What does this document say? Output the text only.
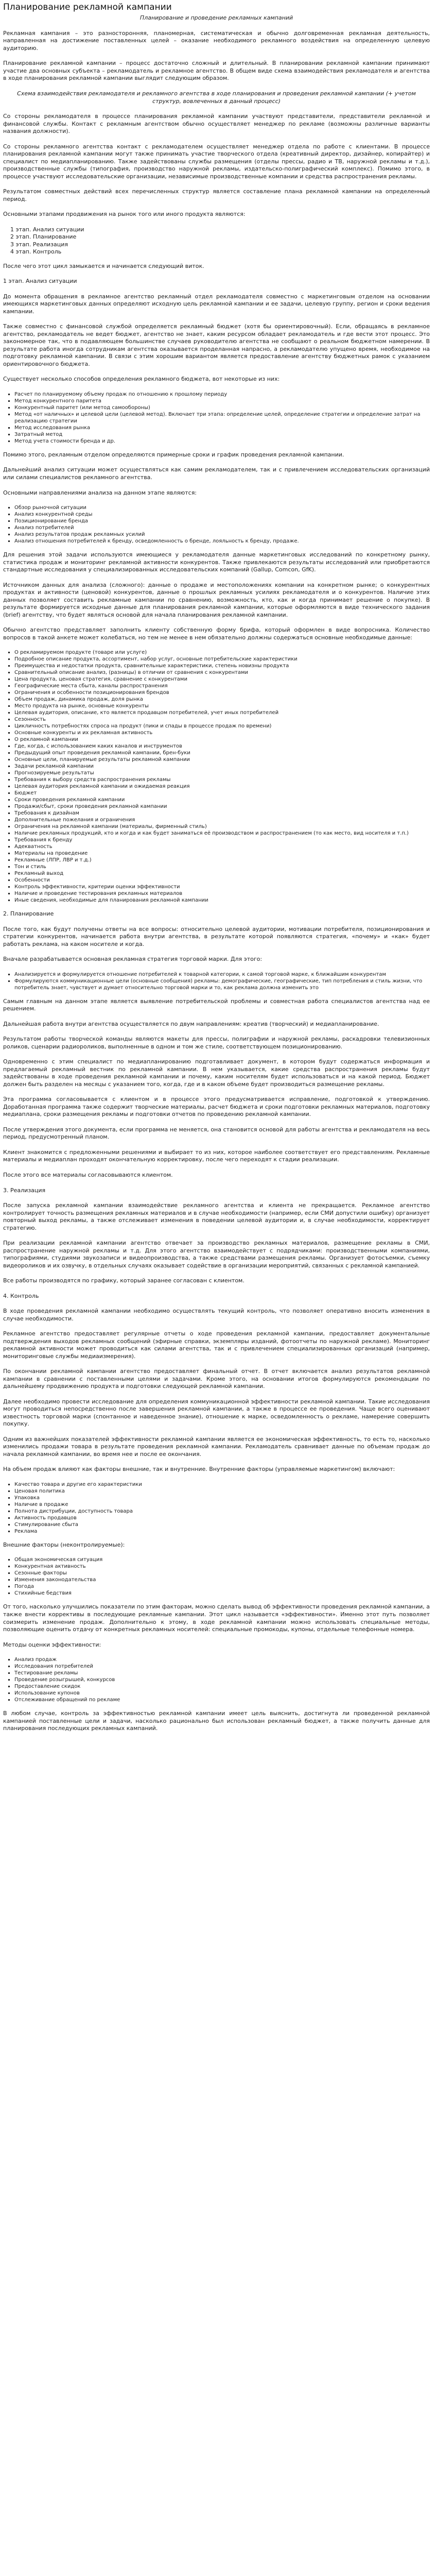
Планирование рекламной кампании

Планирование и проведение рекламных кампаний

Рекламная кампания – это разносторонняя, планомерная, систематическая и обычно долговременная рекламная деятельность, направленная на достижение поставленных целей – оказание необходимого рекламного воздействия на определенную целевую аудиторию.

Планирование рекламной кампании – процесс достаточно сложный и длительный. В планировании рекламной кампании принимают участие два основных субъекта – рекламодатель и рекламное агентство. В общем виде схема взаимодействия рекламодателя и агентства в ходе планирования рекламной кампании выглядит следующим образом.

Схема взаимодействия рекламодателя и рекламного агентства в ходе планирования и проведения рекламной кампании (+ учетом структур, вовлеченных в данный процесс)

Со стороны рекламодателя в процессе планирования рекламной кампании участвуют представители, представители рекламной и финансовой службы. Контакт с рекламным агентством обычно осуществляет менеджер по рекламе (возможны различные варианты названия должности).

Со стороны рекламного агентства контакт с рекламодателем осуществляет менеджер отдела по работе с клиентами. В процессе планирования рекламной кампании могут также принимать участие творческого отдела (креативный директор, дизайнер, копирайтер) и специалист по медиапланированию. Также задействованы службы размещения (отделы прессы, радио и ТВ, наружной рекламы и т.д.), производственные службы (типография, производство наружной рекламы, издательско-полиграфический комплекс). Помимо этого, в процессе участвуют исследовательские организации, независимые производственные компании и средства распространения рекламы.

Результатом совместных действий всех перечисленных структур является составление плана рекламной кампании на определенный период.

Основными этапами продвижения на рынок того или иного продукта являются:

1 этап. Анализ ситуации
2 этап. Планирование
3 этап. Реализация
4 этап. Контроль

После чего этот цикл замыкается и начинается следующий виток.

1 этап. Анализ ситуации

До момента обращения в рекламное агентство рекламный отдел рекламодателя совместно с маркетинговым отделом на основании имеющихся маркетинговых данных определяют исходную цель рекламной кампании и ее задачи, целевую группу, регион и сроки ведения кампании.

Также совместно с финансовой службой определяется рекламный бюджет (хотя бы ориентировочный). Если, обращаясь в рекламное агентство, рекламодатель не ведет бюджет, агентство не знает, каким ресурсом обладает рекламодатель и где вести этот процесс. Это закономерное так, что в подавляющем большинстве случаев руководителю агентства не сообщают о реальном бюджетном намерении. В результате работа иногда сотрудникам агентства оказывается проделанная напрасно, а рекламодателю упущено время, необходимое на подготовку рекламной кампании. В связи с этим хорошим вариантом является предоставление агентству бюджетных рамок с указанием ориентировочного бюджета.

Существует несколько способов определения рекламного бюджета, вот некоторые из них:

▪ Расчет по планируемому объему продаж по отношению к прошлому периоду
▪ Метод конкурентного паритета
▪ Конкурентный паритет (или метод самообороны)
▪ Метод «от наличных» и целевой цели (целевой метод). Включает три этапа: определение целей, определение стратегии и определение затрат на реализацию стратегии
▪ Метод исследования рынка
▪ Затратный метод
▪ Метод учета стоимости бренда и др.

Помимо этого, рекламным отделом определяются примерные сроки и график проведения рекламной кампании.

Дальнейший анализ ситуации может осуществляться как самим рекламодателем, так и с привлечением исследовательских организаций или силами специалистов рекламного агентства.

Основными направлениями анализа на данном этапе являются:

▪ Обзор рыночной ситуации
▪ Анализ конкурентной среды
▪ Позиционирование бренда
▪ Анализ потребителей
▪ Анализ результатов продаж рекламных усилий
▪ Анализ отношения потребителей к бренду, осведомленность о бренде, лояльность к бренду, продаже.

Для решения этой задачи используются имеющиеся у рекламодателя данные маркетинговых исследований по конкретному рынку, статистика продаж и мониторинг рекламной активности конкурентов. Также привлекаются результаты исследований или приобретаются стандартные исследования у специализированных исследовательских компаний (Gallup, Comcon, GfK).

Источником данных для анализа (сложного): данные о продаже и местоположениях компании на конкретном рынке; о конкурентных продуктах и активности (ценовой) конкурентов, данные о прошлых рекламных усилиях рекламодателя и о конкурентов. Наличие этих данных позволяет составить рекламные кампании по сравнению, возможность, кто, как и когда принимает решение о покупке). В результате формируется исходные данные для планирования рекламной кампании, которые оформляются в виде технического задания (brief) агентству, что будет являться основой для начала планирования рекламной кампании.

Обычно агентство представляет заполнить клиенту собственную форму брифа, который оформлен в виде вопросника. Количество вопросов в такой анкете может колебаться, но тем не менее в нем обязательно должны содержаться основные необходимые данные:

▪ О рекламируемом продукте (товаре или услуге)
▪ Подробное описание продукта, ассортимент, набор услуг, основные потребительские характеристики
▪ Преимущества и недостатки продукта, сравнительные характеристики, степень новизны продукта
▪ Сравнительный описание анализ, (разницы) в отличии от сравнения с конкурентами
▪ Цена продукта, ценовая стратегия, сравнение с конкурентами
▪ Географические места сбыта, каналы распространения
▪ Ограничения и особенности позиционирования брендов
▪ Объем продаж, динамика продаж, доля рынка
▪ Место продукта на рынке, основные конкуренты
▪ Целевая аудитория, описание, кто является продавцом потребителей, учет иных потребителей
▪ Сезонность
▪ Цикличность потребностях спроса на продукт (пики и спады в процессе продаж по времени)
▪ Основные конкуренты и их рекламная активность
▪ О рекламной кампании
▪ Где, когда, с использованием каких каналов и инструментов
▪ Предыдущий опыт проведения рекламной кампании, брен-буки
▪ Основные цели, планируемые результаты рекламной кампании
▪ Задачи рекламной кампании
▪ Прогнозируемые результаты
▪ Требования к выбору средств распространения рекламы
▪ Целевая аудитория рекламной кампании и ожидаемая реакция
▪ Бюджет
▪ Сроки проведения рекламной кампании
▪ Продажи/сбыт, сроки проведения рекламной кампании
▪ Требования к дизайнам
▪ Дополнительные пожелания и ограничения
▪ Ограничения на рекламной кампании (материалы, фирменный стиль)
▪ Наличие рекламных продукций, кто и когда и как будет заниматься её производством и распространением (то как место, вид носителя и т.п.)
▪ Требования к бренду
▪ Адекватность
▪ Материалы на проведение
▪ Рекламные (ЛПР, ЛВР и т.д.)
▪ Тон и стиль
▪ Рекламный выход
▪ Особенности
▪ Контроль эффективности, критерии оценки эффективности
▪ Наличие и проведение тестирования рекламных материалов
▪ Иные сведения, необходимые для планирования рекламной кампании

2. Планирование

После того, как будут получены ответы на все вопросы: относительно целевой аудитории, мотивации потребителя, позиционирования и стратегии конкурентов, начинается работа внутри агентства, в результате которой появляются стратегия, «почему» и «как» будет работать реклама, на каком носителе и когда.

Вначале разрабатывается основная рекламная стратегия торговой марки. Для этого:

▪ Анализируется и формулируется отношение потребителей к товарной категории, к самой торговой марке, к ближайшим конкурентам
▪ Формулируются коммуникационные цели (основные сообщения) рекламы: демографические, географические, тип потребления и стиль жизни, что потребитель знает, чувствует и думает относительно торговой марки и то, как реклама должна изменить это

Самым главным на данном этапе является выявление потребительской проблемы и совместная работа специалистов агентства над ее решением.

Дальнейшая работа внутри агентства осуществляется по двум направлениям: креатив (творческий) и медиапланирование.

Результатом работы творческой команды являются макеты для прессы, полиграфии и наружной рекламы, раскадровки телевизионных роликов, сценарии радиороликов, выполненные в одном и том же стиле, соответствующем позиционированию.

Одновременно с этим специалист по медиапланированию подготавливает документ, в котором будут содержаться информация и предлагаемый рекламный вестник по рекламной кампании. В нем указывается, какие средства распространения рекламы будут задействованы в ходе проведения рекламной кампании и почему, каким носителям будет использоваться и на какой период. Бюджет должен быть разделен на месяцы с указанием того, когда, где и в каком объеме будет производиться размещение рекламы.

Эта программа согласовывается с клиентом и в процессе этого предусматривается исправление, подготовкой к утверждению. Доработанная программа также содержит творческие материалы, расчет бюджета и сроки подготовки рекламных материалов, подготовку медиаплана, сроки размещения рекламы и подготовки отчетов по проведению рекламной кампании.

После утверждения этого документа, если программа не меняется, она становится основой для работы агентства и рекламодателя на весь период, предусмотренный планом.

Клиент знакомится с предложенными решениями и выбирает то из них, которое наиболее соответствует его представлениям. Рекламные материалы и медиаплан проходят окончательную корректировку, после чего переходят к стадии реализации.

После этого все материалы согласовываются клиентом.

3. Реализация

После запуска рекламной кампании взаимодействие рекламного агентства и клиента не прекращается. Рекламное агентство контролирует точность размещения рекламных материалов и в случае необходимости (например, если СМИ допустили ошибку) организует повторный выход рекламы, а также отслеживает изменения в поведении целевой аудитории и, в случае необходимости, корректирует стратегию.

При реализации рекламной кампании агентство отвечает за производство рекламных материалов, размещение рекламы в СМИ, распространение наружной рекламы и т.д. Для этого агентство взаимодействует с подрядчиками: производственными компаниями, типографиями, студиями звукозаписи и видеопроизводства, а также средствами размещения рекламы. Организует фотосъемки, съемку видеороликов и их озвучку, в отдельных случаях оказывает содействие в организации мероприятий, связанных с рекламной кампанией.

Все работы производятся по графику, который заранее согласован с клиентом.

4. Контроль

В ходе проведения рекламной кампании необходимо осуществлять текущий контроль, что позволяет оперативно вносить изменения в случае необходимости.

Рекламное агентство предоставляет регулярные отчеты о ходе проведения рекламной кампании, предоставляет документальные подтверждения выходов рекламных сообщений (эфирные справки, экземпляры изданий, фотоотчеты по наружной рекламе). Мониторинг рекламной активности может проводиться как силами агентства, так и с привлечением специализированных организаций (например, мониторинговые службы медиаизмерения).

По окончании рекламной кампании агентство предоставляет финальный отчет. В отчет включается анализ результатов рекламной кампании в сравнении с поставленными целями и задачами. Кроме этого, на основании итогов формулируются рекомендации по дальнейшему продвижению продукта и подготовки следующей рекламной кампании.

Далее необходимо провести исследование для определения коммуникационной эффективности рекламной кампании. Такие исследования могут проводиться непосредственно после завершения рекламной кампании, а также в процессе ее проведения. Чаще всего оценивают известность торговой марки (спонтанное и наведенное знание), отношение к марке, осведомленность о рекламе, намерение совершить покупку.

Одним из важнейших показателей эффективности рекламной кампании является ее экономическая эффективность, то есть то, насколько изменились продажи товара в результате проведения рекламной кампании. Рекламодатель сравнивает данные по объемам продаж до начала рекламной кампании, во время нее и после ее окончания.

На объем продаж влияют как факторы внешние, так и внутренние. Внутренние факторы (управляемые маркетингом) включают:

▪ Качество товара и другие его характеристики
▪ Ценовая политика
▪ Упаковка
▪ Наличие в продаже
▪ Полнота дистрибуции, доступность товара
▪ Активность продавцов
▪ Стимулирование сбыта
▪ Реклама

Внешние факторы (неконтролируемые):

▪ Общая экономическая ситуация
▪ Конкурентная активность
▪ Сезонные факторы
▪ Изменения законодательства
▪ Погода
▪ Стихийные бедствия

От того, насколько улучшились показатели по этим факторам, можно сделать вывод об эффективности проведения рекламной кампании, а также внести коррективы в последующие рекламные кампании. Этот цикл называется «эффективности». Именно этот путь позволяет соизмерить изменение продаж. Дополнительно к этому, в ходе рекламной кампании можно использовать специальные методы, позволяющие оценить отдачу от конкретных рекламных носителей: специальные промокоды, купоны, отдельные телефонные номера.

Методы оценки эффективности:

▪ Анализ продаж
▪ Исследования потребителей
▪ Тестирование рекламы
▪ Проведение розыгрышей, конкурсов
▪ Предоставление скидок
▪ Использование купонов
▪ Отслеживание обращений по рекламе

В любом случае, контроль за эффективностью рекламной кампании имеет цель выяснить, достигнута ли проведенной рекламной кампанией поставленные цели и задачи, насколько рационально был использован рекламный бюджет, а также получить данные для планирования последующих рекламных кампаний.
